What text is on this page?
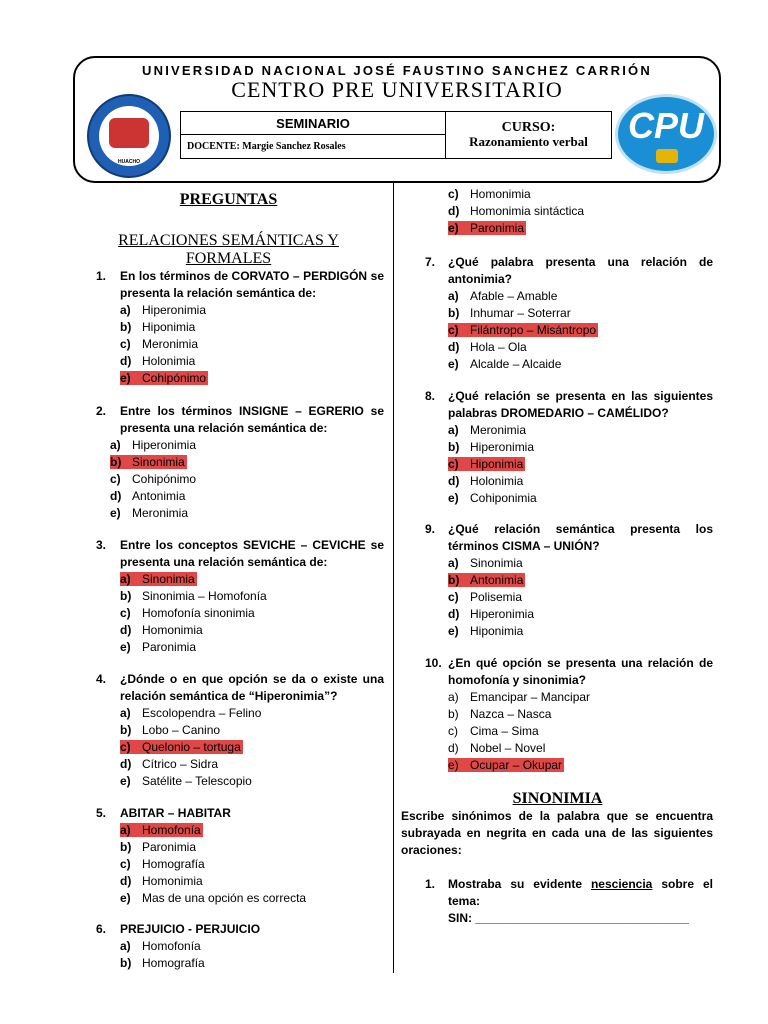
UNIVERSIDAD NACIONAL JOSÉ FAUSTINO SANCHEZ CARRIÓN
CENTRO PRE UNIVERSITARIO
HUACHO
SEMINARIO	CURSO:
Razonamiento verbal

DOCENTE: Margie Sanchez Rosales
CPU
PREGUNTAS
RELACIONES SEMÁNTICAS Y FORMALES
1. En los términos de CORVATO – PERDIGÓN se presenta la relación semántica de:
a) Hiperonimia
b) Hiponimia
c) Meronimia
d) Holonimia
e) Cohipónimo
2. Entre los términos INSIGNE – EGRERIO se presenta una relación semántica de:
a) Hiperonimia
b) Sinonimia
c) Cohipónimo
d) Antonimia
e) Meronimia
3. Entre los conceptos SEVICHE – CEVICHE se presenta una relación semántica de:
a) Sinonimia
b) Sinonimia – Homofonía
c) Homofonía sinonimia
d) Homonimia
e) Paronimia
4. ¿Dónde o en que opción se da o existe una relación semántica de “Hiperonimia”?
a) Escolopendra – Felino
b) Lobo – Canino
c) Quelonio – tortuga
d) Cítrico – Sidra
e) Satélite – Telescopio
5. ABITAR – HABITAR
a) Homofonía
b) Paronimia
c) Homografía
d) Homonimia
e) Mas de una opción es correcta
6. PREJUICIO - PERJUICIO
a) Homofonía
b) Homografía
c) Homonimia
d) Homonimia sintáctica
e) Paronimia
7. ¿Qué palabra presenta una relación de antonimia?
a) Afable – Amable
b) Inhumar – Soterrar
c) Filántropo – Misántropo
d) Hola – Ola
e) Alcalde – Alcaide
8. ¿Qué relación se presenta en las siguientes palabras DROMEDARIO – CAMÉLIDO?
a) Meronimia
b) Hiperonimia
c) Hiponimia
d) Holonimia
e) Cohiponimia
9. ¿Qué relación semántica presenta los términos CISMA – UNIÓN?
a) Sinonimia
b) Antonimia
c) Polisemia
d) Hiperonimia
e) Hiponimia
10. ¿En qué opción se presenta una relación de homofonía y sinonimia?
a) Emancipar – Mancipar
b) Nazca – Nasca
c) Cima – Sima
d) Nobel – Novel
e) Ocupar – Okupar
SINONIMIA
Escribe sinónimos de la palabra que se encuentra subrayada en negrita en cada una de las siguientes oraciones:
1. Mostraba su evidente nesciencia sobre el tema:
SIN: ________________________________
